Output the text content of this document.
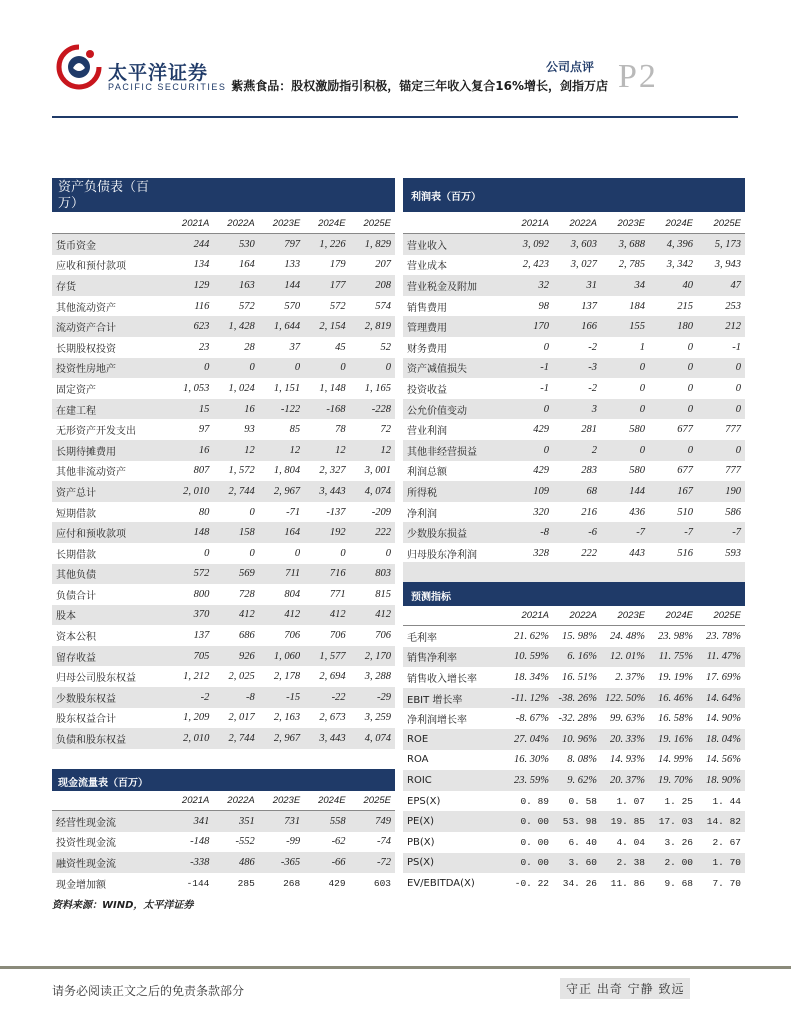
太平洋证券
PACIFIC SECURITIES
公司点评 P2
紫燕食品：股权激励指引积极，锚定三年收入复合16%增长，剑指万店
资产负债表（百万）	利润表（百万）
	2021A	2022A	2023E	2024E	2025E
货币资金	244	530	797	1, 226	1, 829
应收和预付款项	134	164	133	179	207
存货	129	163	144	177	208
其他流动资产	116	572	570	572	574
流动资产合计	623	1, 428	1, 644	2, 154	2, 819
长期股权投资	23	28	37	45	52
投资性房地产	0	0	0	0	0
固定资产	1, 053	1, 024	1, 151	1, 148	1, 165
在建工程	15	16	-122	-168	-228
无形资产开发支出	97	93	85	78	72
长期待摊费用	16	12	12	12	12
其他非流动资产	807	1, 572	1, 804	2, 327	3, 001
资产总计	2, 010	2, 744	2, 967	3, 443	4, 074
短期借款	80	0	-71	-137	-209
应付和预收款项	148	158	164	192	222
长期借款	0	0	0	0	0
其他负债	572	569	711	716	803
负债合计	800	728	804	771	815
股本	370	412	412	412	412
资本公积	137	686	706	706	706
留存收益	705	926	1, 060	1, 577	2, 170
归母公司股东权益	1, 212	2, 025	2, 178	2, 694	3, 288
少数股东权益	-2	-8	-15	-22	-29
股东权益合计	1, 209	2, 017	2, 163	2, 673	3, 259
负债和股东权益	2, 010	2, 744	2, 967	3, 443	4, 074
	2021A	2022A	2023E	2024E	2025E
营业收入	3, 092	3, 603	3, 688	4, 396	5, 173
营业成本	2, 423	3, 027	2, 785	3, 342	3, 943
营业税金及附加	32	31	34	40	47
销售费用	98	137	184	215	253
管理费用	170	166	155	180	212
财务费用	0	-2	1	0	-1
资产减值损失	-1	-3	0	0	0
投资收益	-1	-2	0	0	0
公允价值变动	0	3	0	0	0
营业利润	429	281	580	677	777
其他非经营损益	0	2	0	0	0
利润总额	429	283	580	677	777
所得税	109	68	144	167	190
净利润	320	216	436	510	586
少数股东损益	-8	-6	-7	-7	-7
归母股东净利润	328	222	443	516	593
预测指标
	2021A	2022A	2023E	2024E	2025E
毛利率	21. 62%	15. 98%	24. 48%	23. 98%	23. 78%
销售净利率	10. 59%	6. 16%	12. 01%	11. 75%	11. 47%
销售收入增长率	18. 34%	16. 51%	2. 37%	19. 19%	17. 69%
EBIT 增长率	-11. 12%	-38. 26%	122. 50%	16. 46%	14. 64%
净利润增长率	-8. 67%	-32. 28%	99. 63%	16. 58%	14. 90%
ROE	27. 04%	10. 96%	20. 33%	19. 16%	18. 04%
ROA	16. 30%	8. 08%	14. 93%	14. 99%	14. 56%
ROIC	23. 59%	9. 62%	20. 37%	19. 70%	18. 90%
EPS(X)	0. 89	0. 58	1. 07	1. 25	1. 44
PE(X)	0. 00	53. 98	19. 85	17. 03	14. 82
PB(X)	0. 00	6. 40	4. 04	3. 26	2. 67
PS(X)	0. 00	3. 60	2. 38	2. 00	1. 70
EV/EBITDA(X)	-0. 22	34. 26	11. 86	9. 68	7. 70
现金流量表（百万）
	2021A	2022A	2023E	2024E	2025E
经营性现金流	341	351	731	558	749
投资性现金流	-148	-552	-99	-62	-74
融资性现金流	-338	486	-365	-66	-72
现金增加额	-144	285	268	429	603
资料来源：WIND，太平洋证券
请务必阅读正文之后的免责条款部分	守正 出奇 宁静 致远
